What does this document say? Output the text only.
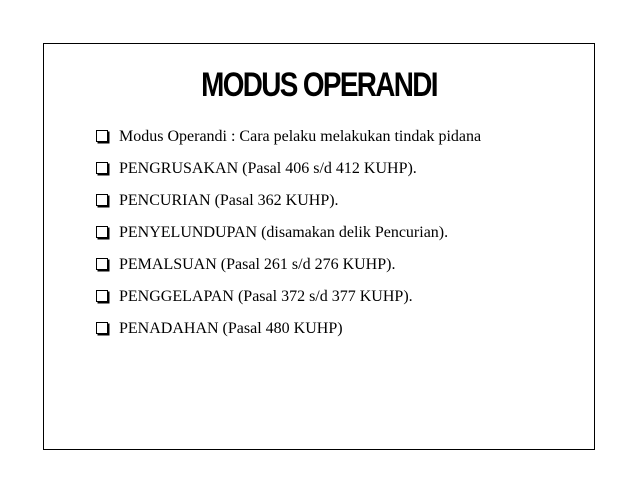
MODUS OPERANDI
Modus Operandi : Cara pelaku melakukan tindak pidana
PENGRUSAKAN (Pasal 406 s/d 412 KUHP).
PENCURIAN (Pasal 362 KUHP).
PENYELUNDUPAN (disamakan delik Pencurian).
PEMALSUAN (Pasal 261 s/d 276 KUHP).
PENGGELAPAN (Pasal 372 s/d 377 KUHP).
PENADAHAN (Pasal 480 KUHP)
